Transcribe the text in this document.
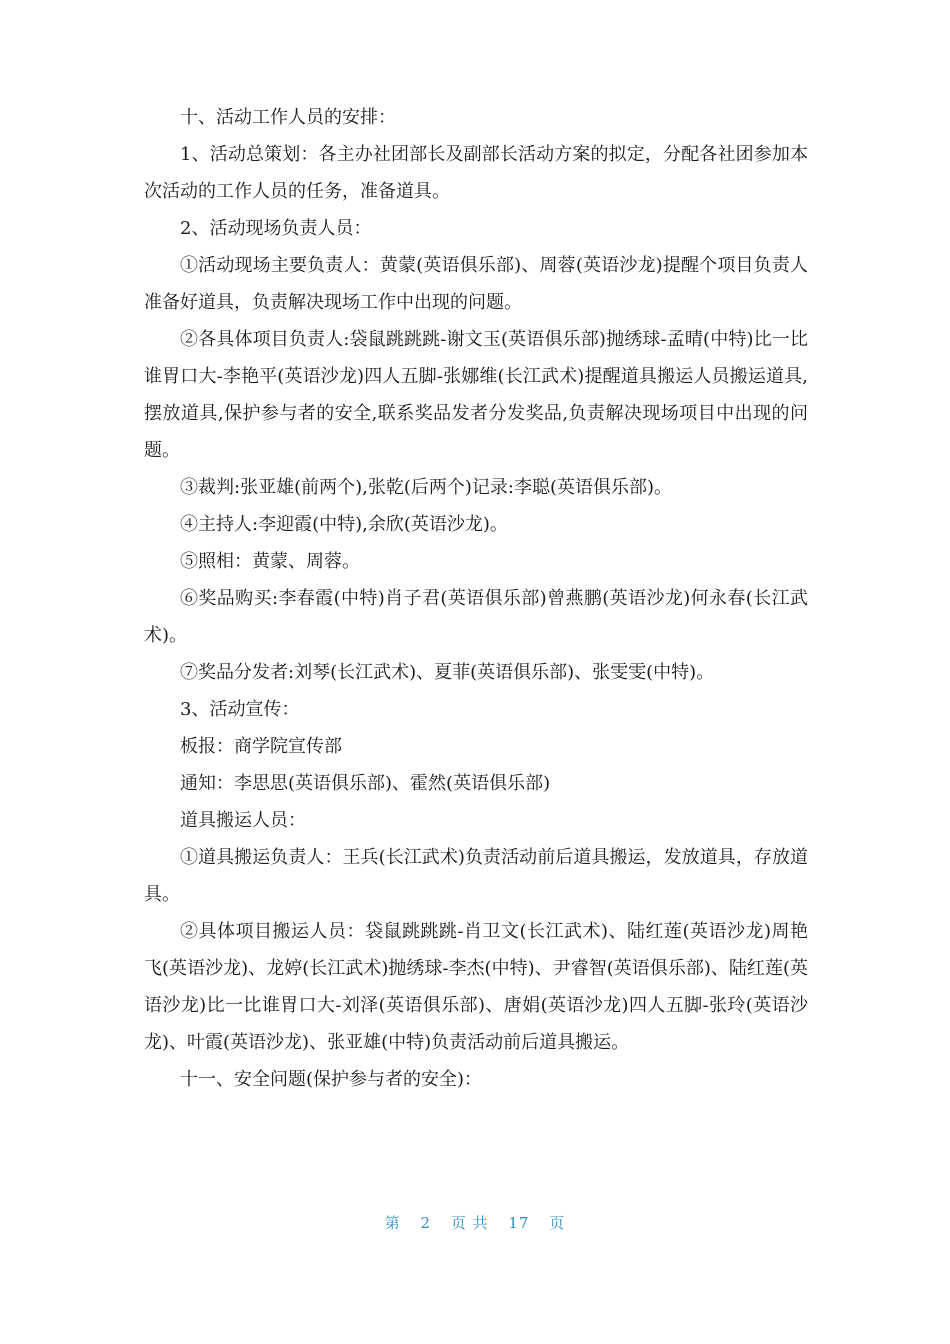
十、活动工作人员的安排：

1、活动总策划：各主办社团部长及副部长活动方案的拟定，分配各社团参加本次活动的工作人员的任务，准备道具。

2、活动现场负责人员：

①活动现场主要负责人：黄蒙(英语俱乐部)、周蓉(英语沙龙)提醒个项目负责人准备好道具，负责解决现场工作中出现的问题。

②各具体项目负责人:袋鼠跳跳跳-谢文玉(英语俱乐部)抛绣球-孟晴(中特)比一比谁胃口大-李艳平(英语沙龙)四人五脚-张娜维(长江武术)提醒道具搬运人员搬运道具,摆放道具,保护参与者的安全,联系奖品发者分发奖品,负责解决现场项目中出现的问题。

③裁判:张亚雄(前两个),张乾(后两个)记录:李聪(英语俱乐部)。

④主持人:李迎霞(中特),余欣(英语沙龙)。

⑤照相：黄蒙、周蓉。

⑥奖品购买:李春霞(中特)肖子君(英语俱乐部)曾燕鹏(英语沙龙)何永春(长江武术)。

⑦奖品分发者:刘琴(长江武术)、夏菲(英语俱乐部)、张雯雯(中特)。

3、活动宣传：

板报：商学院宣传部

通知：李思思(英语俱乐部)、霍然(英语俱乐部)

道具搬运人员：

①道具搬运负责人：王兵(长江武术)负责活动前后道具搬运，发放道具，存放道具。

②具体项目搬运人员：袋鼠跳跳跳-肖卫文(长江武术)、陆红莲(英语沙龙)周艳飞(英语沙龙)、龙婷(长江武术)抛绣球-李杰(中特)、尹睿智(英语俱乐部)、陆红莲(英语沙龙)比一比谁胃口大-刘泽(英语俱乐部)、唐娟(英语沙龙)四人五脚-张玲(英语沙龙)、叶霞(英语沙龙)、张亚雄(中特)负责活动前后道具搬运。

十一、安全问题(保护参与者的安全)：

第 2 页 共 17 页
